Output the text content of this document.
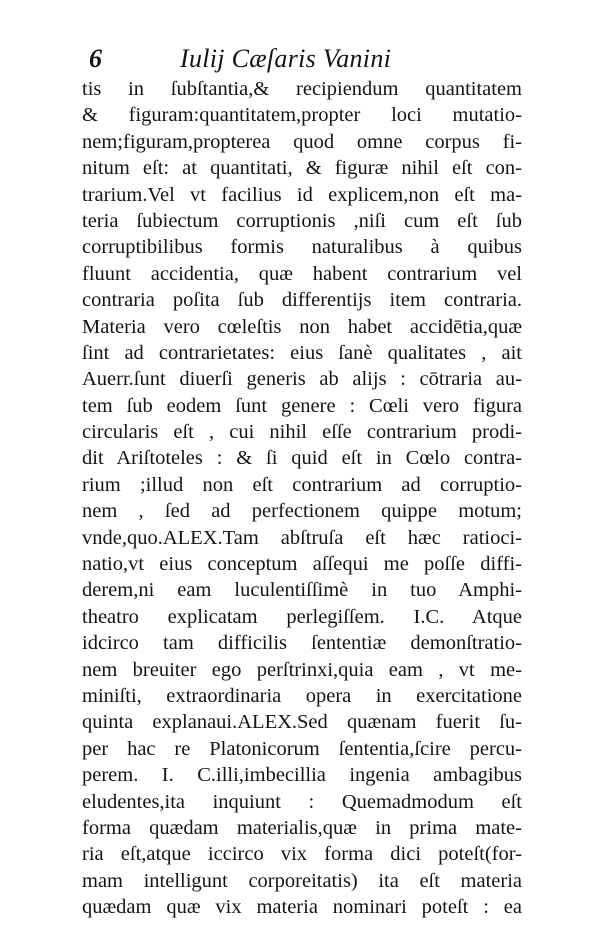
6	Iulij Cæſaris Vanini
tis in ſubſtantia,& recipiendum quantitatem
& figuram:quantitatem,propter loci mutatio-
nem;figuram,propterea quod omne corpus fi-
nitum eſt: at quantitati, & figuræ nihil eſt con-
trarium.Vel vt facilius id explicem,non eſt ma-
teria ſubiectum corruptionis ,niſi cum eſt ſub
corruptibilibus formis naturalibus à quibus
fluunt accidentia, quæ habent contrarium vel
contraria poſita ſub differentijs item contraria.
Materia vero cœleſtis non habet accidētia,quæ
ſint ad contrarietates: eius ſanè qualitates , ait
Auerr.ſunt diuerſi generis ab alijs : cōtraria au-
tem ſub eodem ſunt genere : Cœli vero figura
circularis eſt , cui nihil eſſe contrarium prodi-
dit Ariſtoteles : & ſi quid eſt in Cœlo contra-
rium ;illud non eſt contrarium ad corruptio-
nem , ſed ad perfectionem quippe motum;
vnde,quo.ALEX.Tam abſtruſa eſt hæc ratioci-
natio,vt eius conceptum aſſequi me poſſe diffi-
derem,ni eam luculentiſſimè in tuo Amphi-
theatro explicatam perlegiſſem. I.C. Atque
idcirco tam difficilis ſententiæ demonſtratio-
nem breuiter ego perſtrinxi,quia eam , vt me-
miniſti, extraordinaria opera in exercitatione
quinta explanaui.ALEX.Sed quænam fuerit ſu-
per hac re Platonicorum ſententia,ſcire percu-
perem. I. C.illi,imbecillia ingenia ambagibus
eludentes,ita inquiunt : Quemadmodum eſt
forma quædam materialis,quæ in prima mate-
ria eſt,atque iccirco vix forma dici poteſt(for-
mam intelligunt corporeitatis) ita eſt materia
quædam quæ vix materia nominari poteſt : ea
